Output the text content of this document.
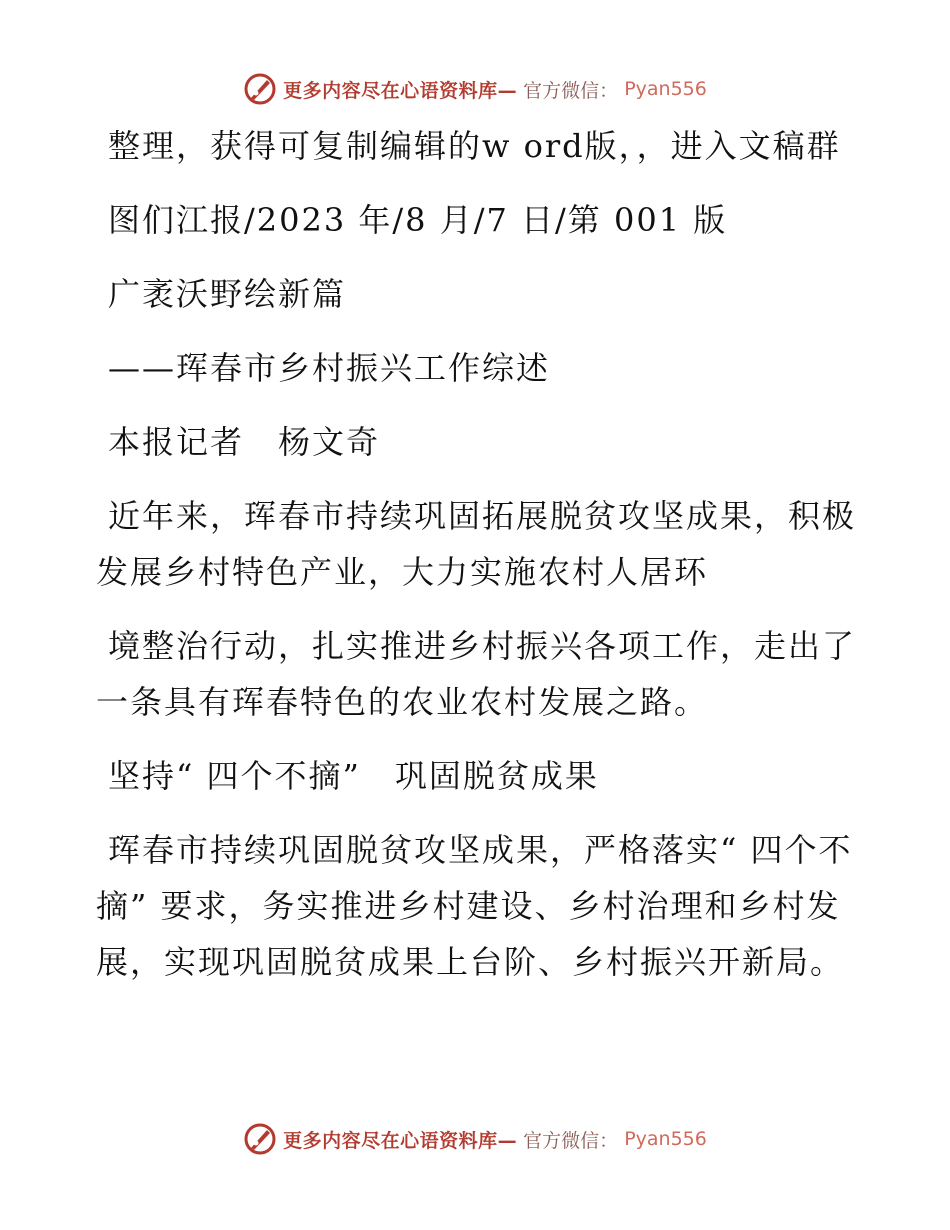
更多内容尽在心语资料库— 官方微信： Pyan556

整理，获得可复制编辑的w ord版，，进入文稿群

图们江报/2023 年/8 月/7 日/第 001 版

广袤沃野绘新篇

——珲春市乡村振兴工作综述

本报记者　杨文奇

近年来，珲春市持续巩固拓展脱贫攻坚成果，积极发展乡村特色产业，大力实施农村人居环

境整治行动，扎实推进乡村振兴各项工作，走出了一条具有珲春特色的农业农村发展之路。

坚持“ 四个不摘”　巩固脱贫成果

珲春市持续巩固脱贫攻坚成果，严格落实“ 四个不摘” 要求，务实推进乡村建设、乡村治理和乡村发展，实现巩固脱贫成果上台阶、乡村振兴开新局。

更多内容尽在心语资料库— 官方微信： Pyan556
